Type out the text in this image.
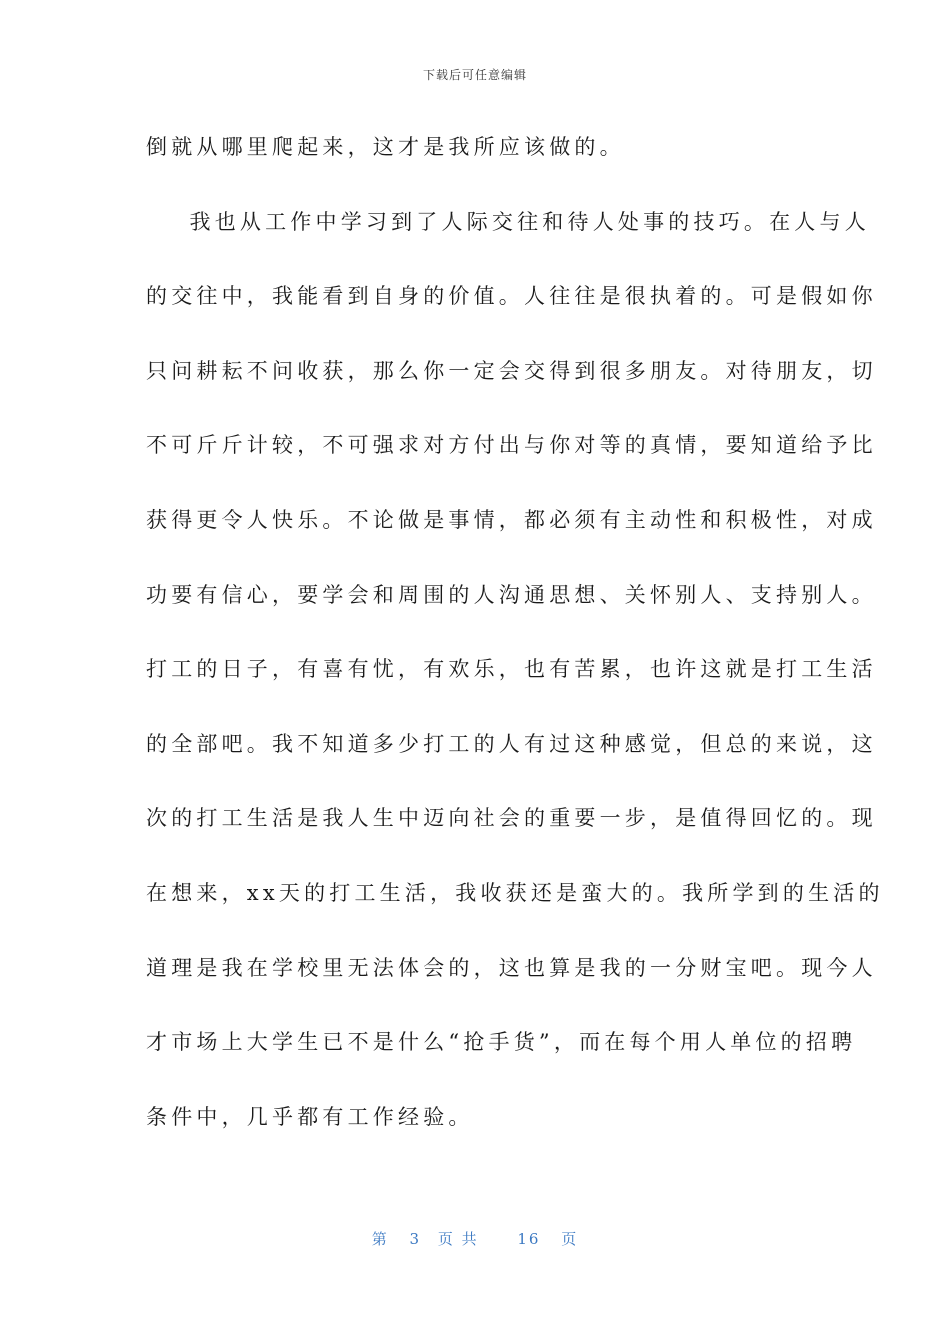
下载后可任意编辑
倒就从哪里爬起来，这才是我所应该做的。
我也从工作中学习到了人际交往和待人处事的技巧。在人与人
的交往中，我能看到自身的价值。人往往是很执着的。可是假如你
只问耕耘不问收获，那么你一定会交得到很多朋友。对待朋友，切
不可斤斤计较，不可强求对方付出与你对等的真情，要知道给予比
获得更令人快乐。不论做是事情，都必须有主动性和积极性，对成
功要有信心，要学会和周围的人沟通思想、关怀别人、支持别人。
打工的日子，有喜有忧，有欢乐，也有苦累，也许这就是打工生活
的全部吧。我不知道多少打工的人有过这种感觉，但总的来说，这
次的打工生活是我人生中迈向社会的重要一步，是值得回忆的。现
在想来，xx天的打工生活，我收获还是蛮大的。我所学到的生活的
道理是我在学校里无法体会的，这也算是我的一分财宝吧。现今人
才市场上大学生已不是什么“抢手货”，而在每个用人单位的招聘
条件中，几乎都有工作经验。
第 3 页 共	16 页
